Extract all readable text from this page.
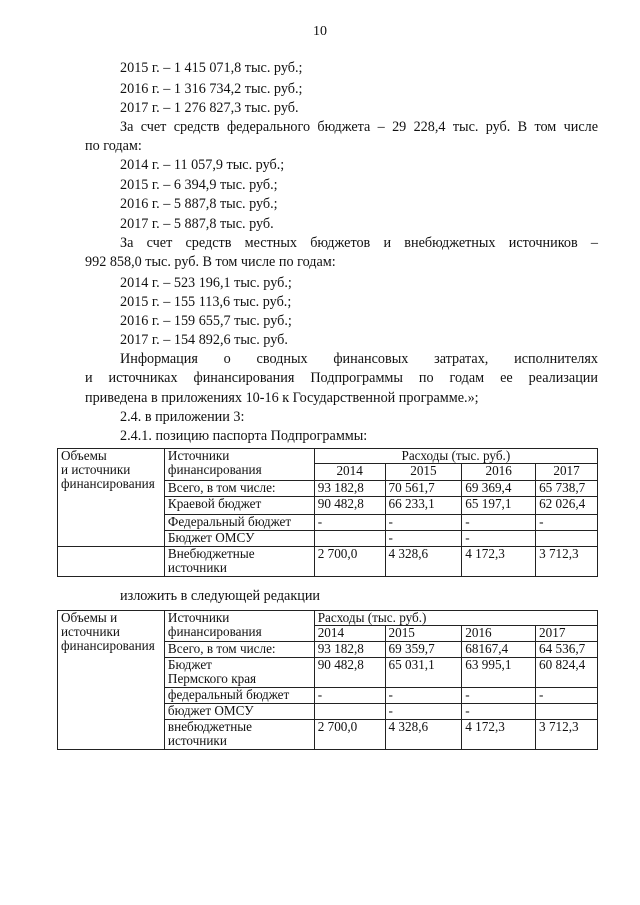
10
2015 г. – 1 415 071,8 тыс. руб.;
2016 г. – 1 316 734,2 тыс. руб.;
2017 г. – 1 276 827,3 тыс. руб.
За счет средств федерального бюджета – 29 228,4 тыс. руб. В том числе
по годам:
2014 г. – 11 057,9 тыс. руб.;
2015 г. – 6 394,9 тыс. руб.;
2016 г. – 5 887,8 тыс. руб.;
2017 г. – 5 887,8 тыс. руб.
За счет средств местных бюджетов и внебюджетных источников –
992 858,0 тыс. руб. В том числе по годам:
2014 г. – 523 196,1 тыс. руб.;
2015 г. – 155 113,6 тыс. руб.;
2016 г. – 159 655,7 тыс. руб.;
2017 г. – 154 892,6 тыс. руб.
Информация о сводных финансовых затратах, исполнителях
и источниках финансирования Подпрограммы по годам ее реализации
приведена в приложениях 10-16 к Государственной программе.»;
2.4. в приложении 3:
2.4.1. позицию паспорта Подпрограммы:
Объемы
и источники
финансирования	Источники
финансирования	Расходы (тыс. руб.)			
		2014	2015	2016	2017
	Всего, в том числе:	93 182,8	70 561,7	69 369,4	65 738,7
	Краевой бюджет	90 482,8	66 233,1	65 197,1	62 026,4
	Федеральный бюджет	-	-	-	-
	Бюджет ОМСУ		-	-	
	Внебюджетные
источники	2 700,0	4 328,6	4 172,3	3 712,3
изложить в следующей редакции
Объемы и
источники
финансирования	Источники
финансирования	Расходы (тыс. руб.)			
		2014	2015	2016	2017
	Всего, в том числе:	93 182,8	69 359,7	68167,4	64 536,7
	Бюджет
Пермского края	90 482,8	65 031,1	63 995,1	60 824,4
	федеральный бюджет	-	-	-	-
	бюджет ОМСУ		-	-	
	внебюджетные
источники	2 700,0	4 328,6	4 172,3	3 712,3
